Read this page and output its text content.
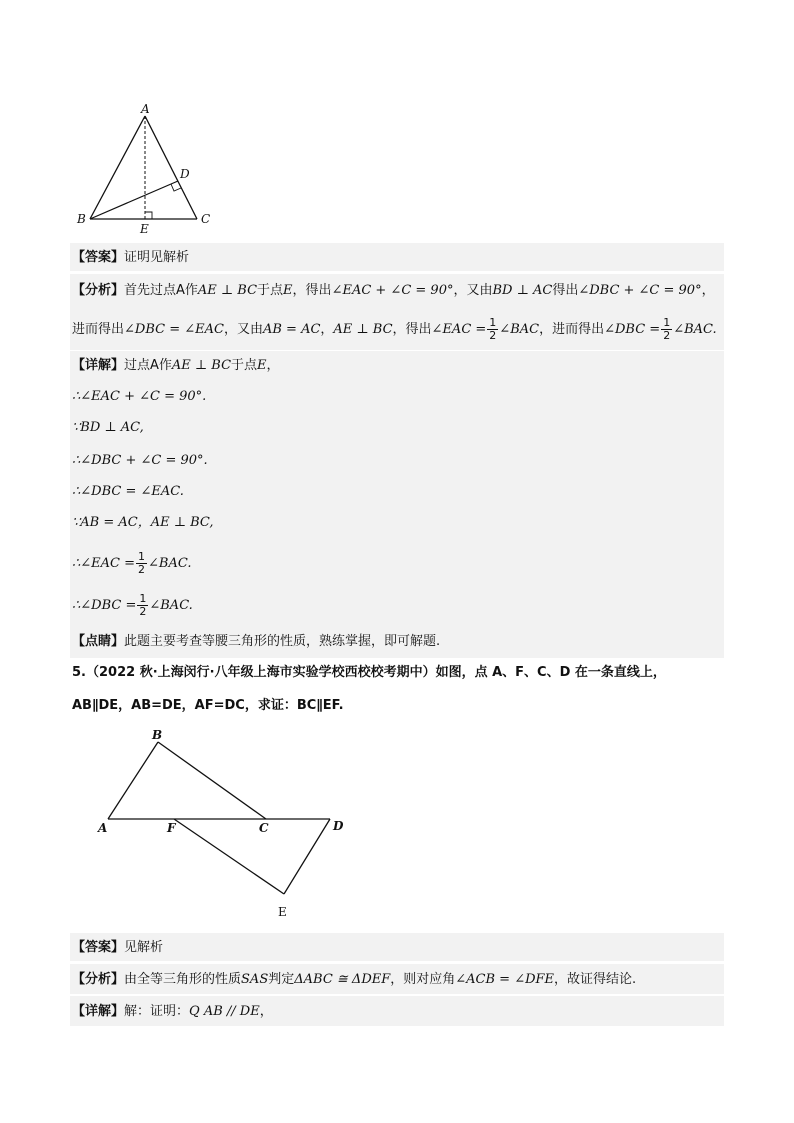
A
B	C
D
E
【答案】证明见解析
【分析】首先过点A作AE ⊥ BC于点E，得出∠EAC + ∠C = 90°，又由BD ⊥ AC得出∠DBC + ∠C = 90°，
进而得出∠DBC = ∠EAC，又由AB = AC，AE ⊥ BC，得出∠EAC = $\frac{1}{2}$ ∠BAC，进而得出∠DBC = $\frac{1}{2}$ ∠BAC.
【详解】过点A作AE ⊥ BC于点E，
∴∠EAC + ∠C = 90°.
∵BD ⊥ AC,
∴∠DBC + ∠C = 90°.
∴∠DBC = ∠EAC.
∵AB = AC，AE ⊥ BC,
∴∠EAC = $\frac{1}{2}$ ∠BAC.
∴∠DBC = $\frac{1}{2}$ ∠BAC.
【点睛】此题主要考查等腰三角形的性质，熟练掌握，即可解题.
5.（2022 秋·上海闵行·八年级上海市实验学校西校校考期中）如图，点 A、F、C、D 在一条直线上，
AB∥DE，AB=DE，AF=DC，求证：BC∥EF.
B
A	F	C	D
E
【答案】见解析
【分析】由全等三角形的性质SAS判定ΔABC ≅ ΔDEF，则对应角∠ACB = ∠DFE，故证得结论.
【详解】解：证明：Q AB // DE，
